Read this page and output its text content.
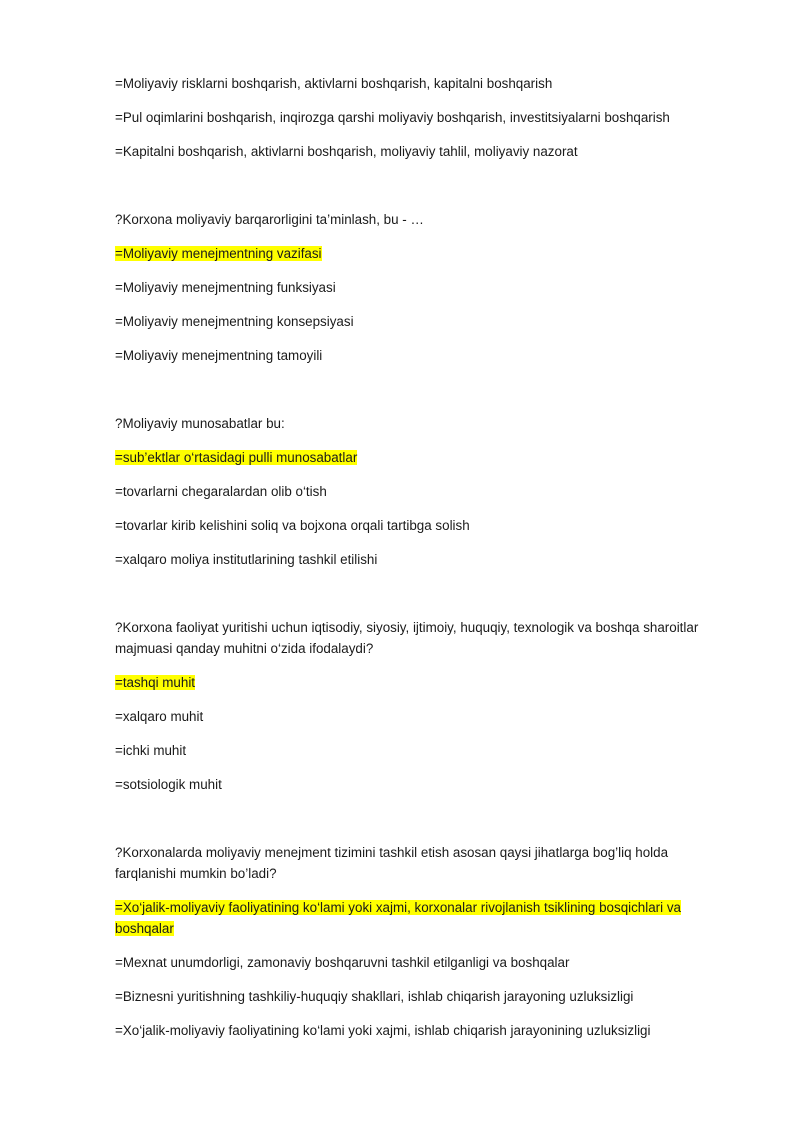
=Moliyaviy risklarni boshqarish, aktivlarni boshqarish, kapitalni boshqarish
=Pul oqimlarini boshqarish, inqirozga qarshi moliyaviy boshqarish, investitsiyalarni boshqarish
=Kapitalni boshqarish, aktivlarni boshqarish, moliyaviy tahlil, moliyaviy nazorat
?Korxona moliyaviy barqarorligini ta’minlash, bu - …
=Moliyaviy menejmentning vazifasi
=Moliyaviy menejmentning funksiyasi
=Moliyaviy menejmentning konsepsiyasi
=Moliyaviy menejmentning tamoyili
?Moliyaviy munosabatlar bu:
=sub’ektlar o‘rtasidagi pulli munosabatlar
=tovarlarni chegaralardan olib o‘tish
=tovarlar kirib kelishini soliq va bojxona orqali tartibga solish
=xalqaro moliya institutlarining tashkil etilishi
?Korxona faoliyat yuritishi uchun iqtisodiy, siyosiy, ijtimoiy, huquqiy, texnologik va boshqa sharoitlar majmuasi qanday muhitni o‘zida ifodalaydi?
=tashqi muhit
=xalqaro muhit
=ichki muhit
=sotsiologik muhit
?Korxonalarda moliyaviy menejment tizimini tashkil etish asosan qaysi jihatlarga bog’liq holda farqlanishi mumkin bo’ladi?
=Xo‘jalik-moliyaviy faoliyatining ko‘lami yoki xajmi, korxonalar rivojlanish tsiklining bosqichlari va boshqalar
=Mexnat unumdorligi, zamonaviy boshqaruvni tashkil etilganligi va boshqalar
=Biznesni yuritishning tashkiliy-huquqiy shakllari, ishlab chiqarish jarayoning uzluksizligi
=Xo‘jalik-moliyaviy faoliyatining ko‘lami yoki xajmi, ishlab chiqarish jarayonining uzluksizligi
